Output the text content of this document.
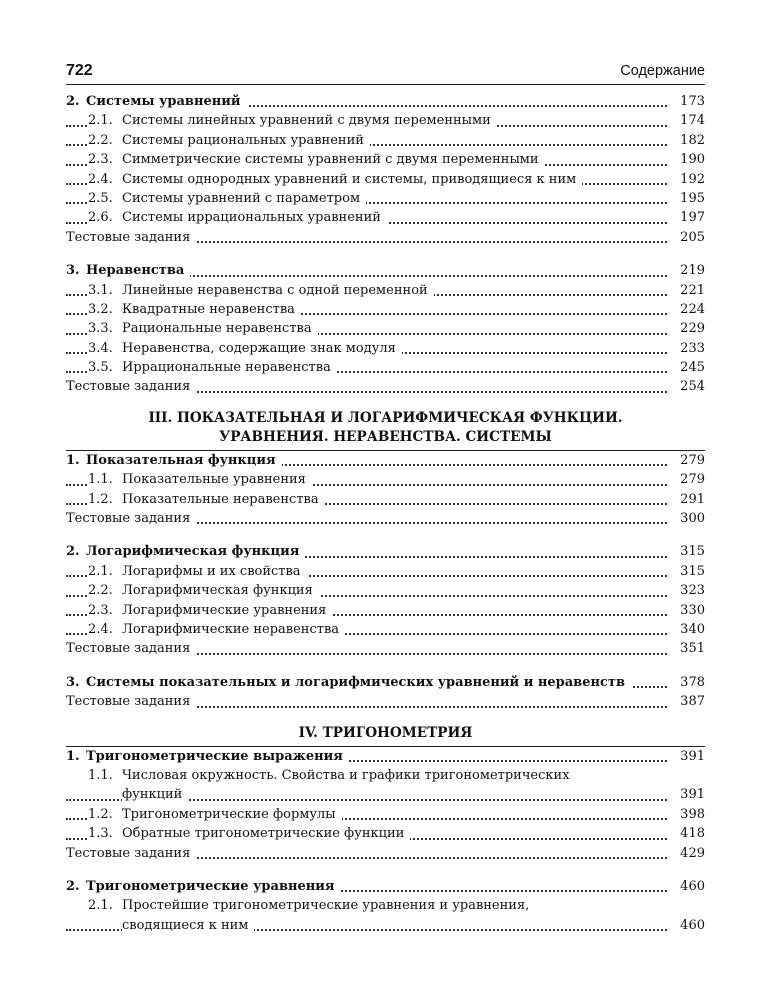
722	Содержание
2. Системы уравнений	173
2.1. Системы линейных уравнений с двумя переменными	174
2.2. Системы рациональных уравнений	182
2.3. Симметрические системы уравнений с двумя переменными	190
2.4. Системы однородных уравнений и системы, приводящиеся к ним	192
2.5. Системы уравнений с параметром	195
2.6. Системы иррациональных уравнений	197
Тестовые задания	205
3. Неравенства	219
3.1. Линейные неравенства с одной переменной	221
3.2. Квадратные неравенства	224
3.3. Рациональные неравенства	229
3.4. Неравенства, содержащие знак модуля	233
3.5. Иррациональные неравенства	245
Тестовые задания	254
III. ПОКАЗАТЕЛЬНАЯ И ЛОГАРИФМИЧЕСКАЯ ФУНКЦИИ.
УРАВНЕНИЯ. НЕРАВЕНСТВА. СИСТЕМЫ
1. Показательная функция	279
1.1. Показательные уравнения	279
1.2. Показательные неравенства	291
Тестовые задания	300
2. Логарифмическая функция	315
2.1. Логарифмы и их свойства	315
2.2. Логарифмическая функция	323
2.3. Логарифмические уравнения	330
2.4. Логарифмические неравенства	340
Тестовые задания	351
3. Системы показательных и логарифмических уравнений и неравенств	378
Тестовые задания	387
IV. ТРИГОНОМЕТРИЯ
1. Тригонометрические выражения	391
1.1. Числовая окружность. Свойства и графики тригонометрических
функций	391
1.2. Тригонометрические формулы	398
1.3. Обратные тригонометрические функции	418
Тестовые задания	429
2. Тригонометрические уравнения	460
2.1. Простейшие тригонометрические уравнения и уравнения,
сводящиеся к ним	460
